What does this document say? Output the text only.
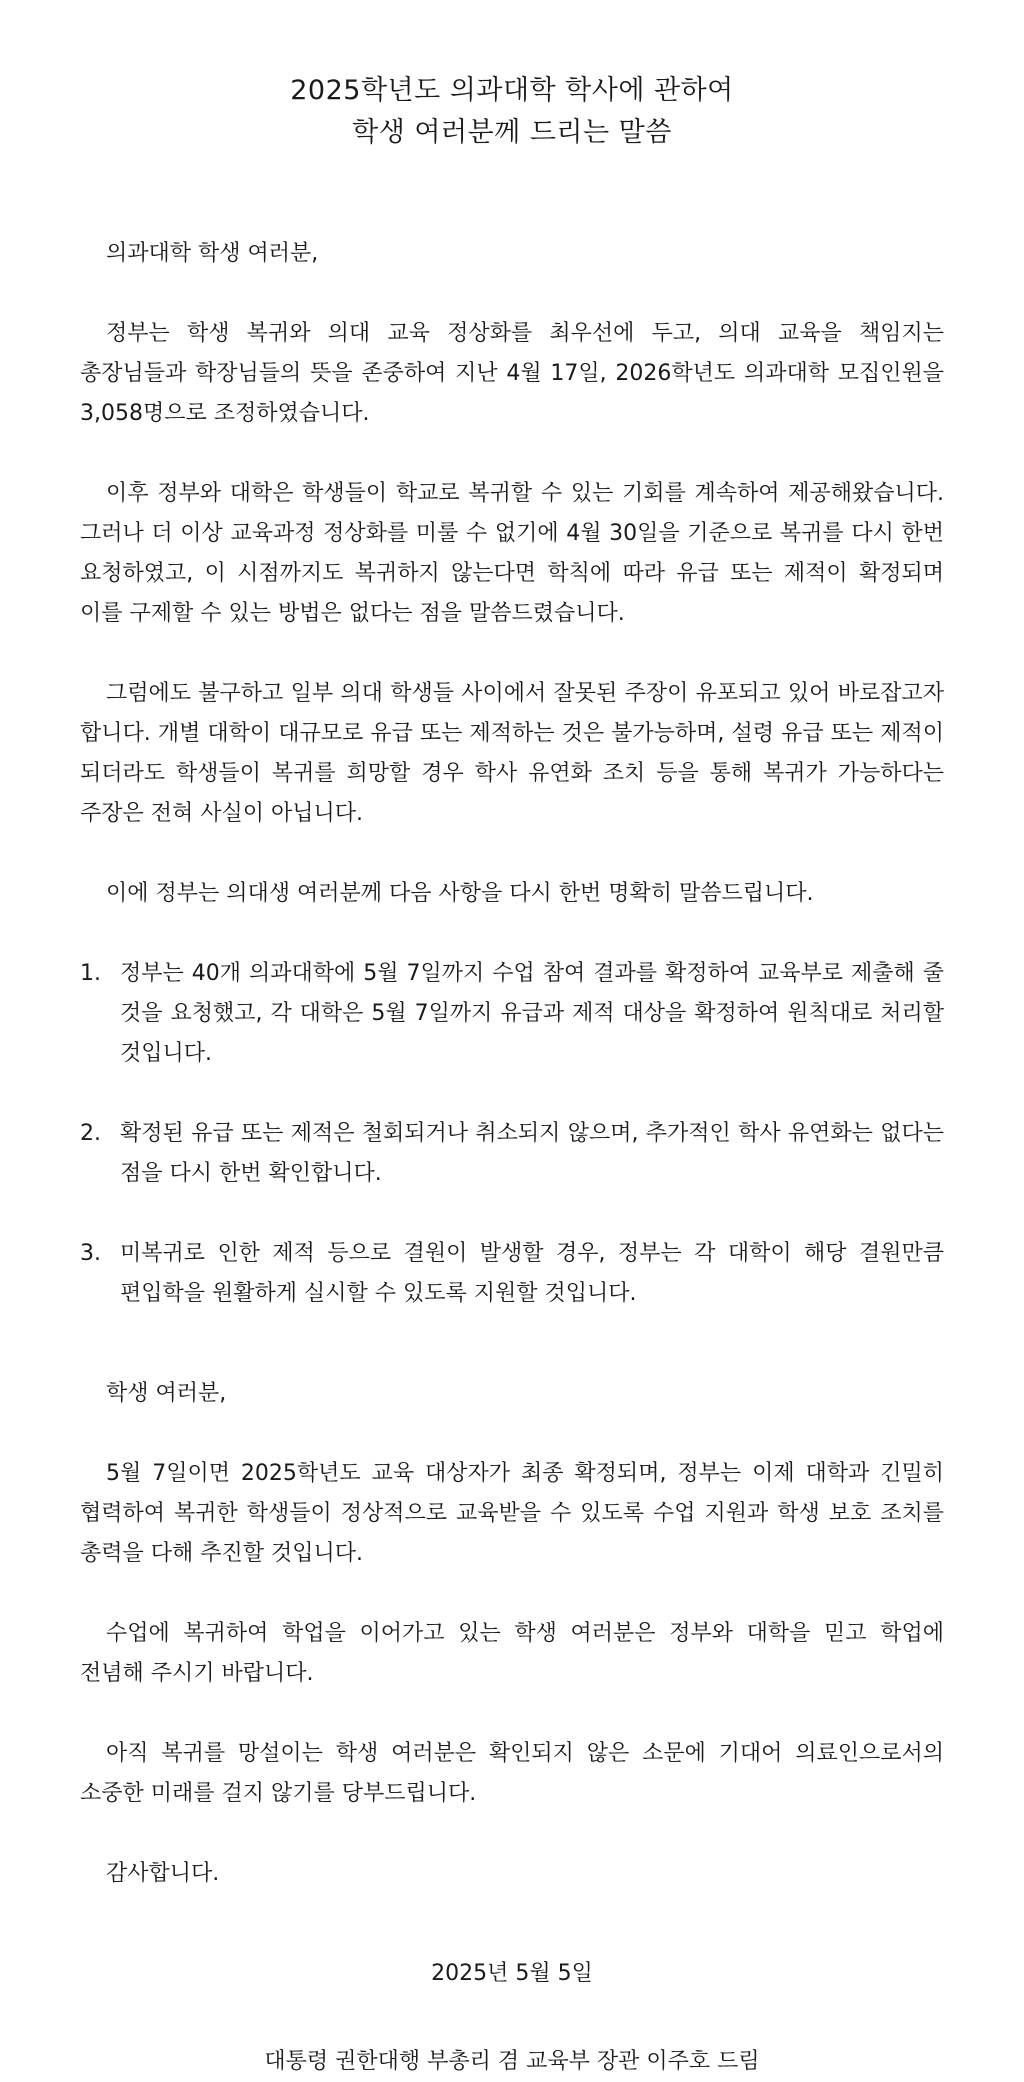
2025학년도 의과대학 학사에 관하여
학생 여러분께 드리는 말씀

의과대학 학생 여러분,

정부는 학생 복귀와 의대 교육 정상화를 최우선에 두고, 의대 교육을 책임지는 총장님들과 학장님들의 뜻을 존중하여 지난 4월 17일, 2026학년도 의과대학 모집인원을 3,058명으로 조정하였습니다.

이후 정부와 대학은 학생들이 학교로 복귀할 수 있는 기회를 계속하여 제공해왔습니다. 그러나 더 이상 교육과정 정상화를 미룰 수 없기에 4월 30일을 기준으로 복귀를 다시 한번 요청하였고, 이 시점까지도 복귀하지 않는다면 학칙에 따라 유급 또는 제적이 확정되며 이를 구제할 수 있는 방법은 없다는 점을 말씀드렸습니다.

그럼에도 불구하고 일부 의대 학생들 사이에서 잘못된 주장이 유포되고 있어 바로잡고자 합니다. 개별 대학이 대규모로 유급 또는 제적하는 것은 불가능하며, 설령 유급 또는 제적이 되더라도 학생들이 복귀를 희망할 경우 학사 유연화 조치 등을 통해 복귀가 가능하다는 주장은 전혀 사실이 아닙니다.

이에 정부는 의대생 여러분께 다음 사항을 다시 한번 명확히 말씀드립니다.

1. 정부는 40개 의과대학에 5월 7일까지 수업 참여 결과를 확정하여 교육부로 제출해 줄 것을 요청했고, 각 대학은 5월 7일까지 유급과 제적 대상을 확정하여 원칙대로 처리할 것입니다.
2. 확정된 유급 또는 제적은 철회되거나 취소되지 않으며, 추가적인 학사 유연화는 없다는 점을 다시 한번 확인합니다.
3. 미복귀로 인한 제적 등으로 결원이 발생할 경우, 정부는 각 대학이 해당 결원만큼 편입학을 원활하게 실시할 수 있도록 지원할 것입니다.

학생 여러분,

5월 7일이면 2025학년도 교육 대상자가 최종 확정되며, 정부는 이제 대학과 긴밀히 협력하여 복귀한 학생들이 정상적으로 교육받을 수 있도록 수업 지원과 학생 보호 조치를 총력을 다해 추진할 것입니다.

수업에 복귀하여 학업을 이어가고 있는 학생 여러분은 정부와 대학을 믿고 학업에 전념해 주시기 바랍니다.

아직 복귀를 망설이는 학생 여러분은 확인되지 않은 소문에 기대어 의료인으로서의 소중한 미래를 걸지 않기를 당부드립니다.

감사합니다.

2025년 5월 5일

대통령 권한대행 부총리 겸 교육부 장관 이주호 드림
